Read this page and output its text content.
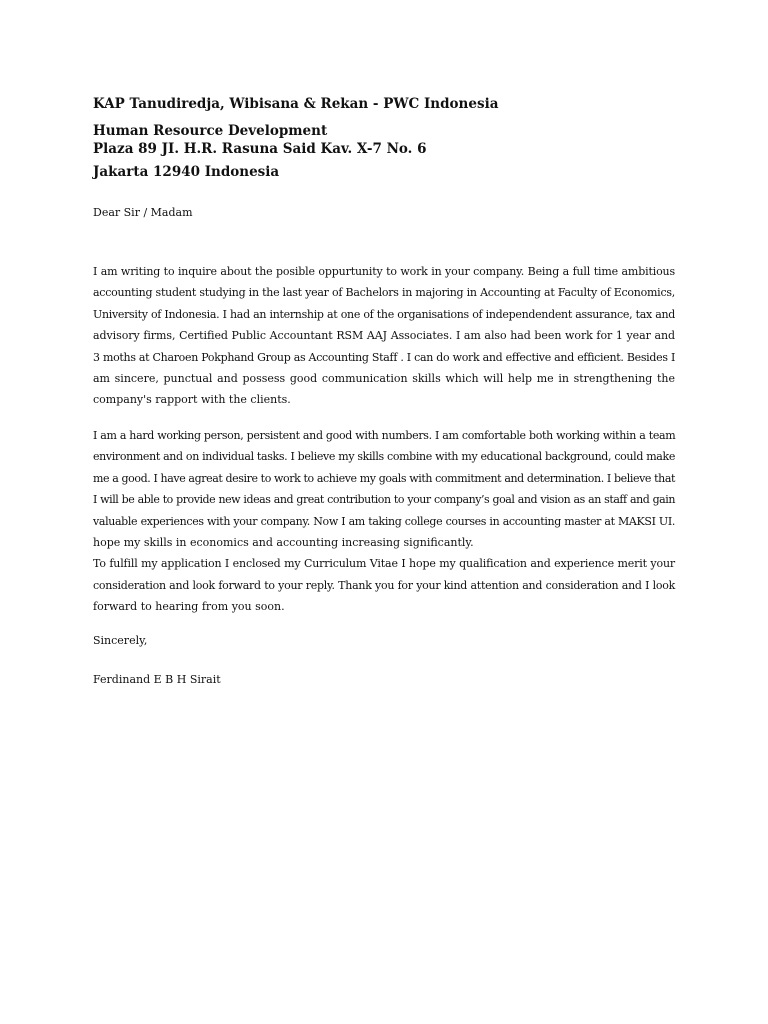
KAP Tanudiredja, Wibisana & Rekan - PWC Indonesia
Human Resource Development
Plaza 89 JI. H.R. Rasuna Said Kav. X-7 No. 6
Jakarta 12940 Indonesia
Dear Sir / Madam
I am writing to inquire about the posible oppurtunity to work in your company. Being a full time ambitious
accounting student studying in the last year of Bachelors in majoring in Accounting at Faculty of Economics,
University of Indonesia. I had an internship at one of the organisations of independendent assurance, tax and
advisory firms, Certified Public Accountant RSM AAJ Associates. I am also had been work for 1 year and
3 moths at Charoen Pokphand Group as Accounting Staff . I can do work and effective and efficient. Besides I
am sincere, punctual and possess good communication skills which will help me in strengthening the
company's rapport with the clients.
I am a hard working person, persistent and good with numbers. I am comfortable both working within a team
environment and on individual tasks. I believe my skills combine with my educational background, could make
me a good. I have agreat desire to work to achieve my goals with commitment and determination. I believe that
I will be able to provide new ideas and great contribution to your company’s goal and vision as an staff and gain
valuable experiences with your company. Now I am taking college courses in accounting master at MAKSI UI.
hope my skills in economics and accounting increasing significantly.
To fulfill my application I enclosed my Curriculum Vitae I hope my qualification and experience merit your
consideration and look forward to your reply. Thank you for your kind attention and consideration and I look
forward to hearing from you soon.
Sincerely,
Ferdinand E B H Sirait
